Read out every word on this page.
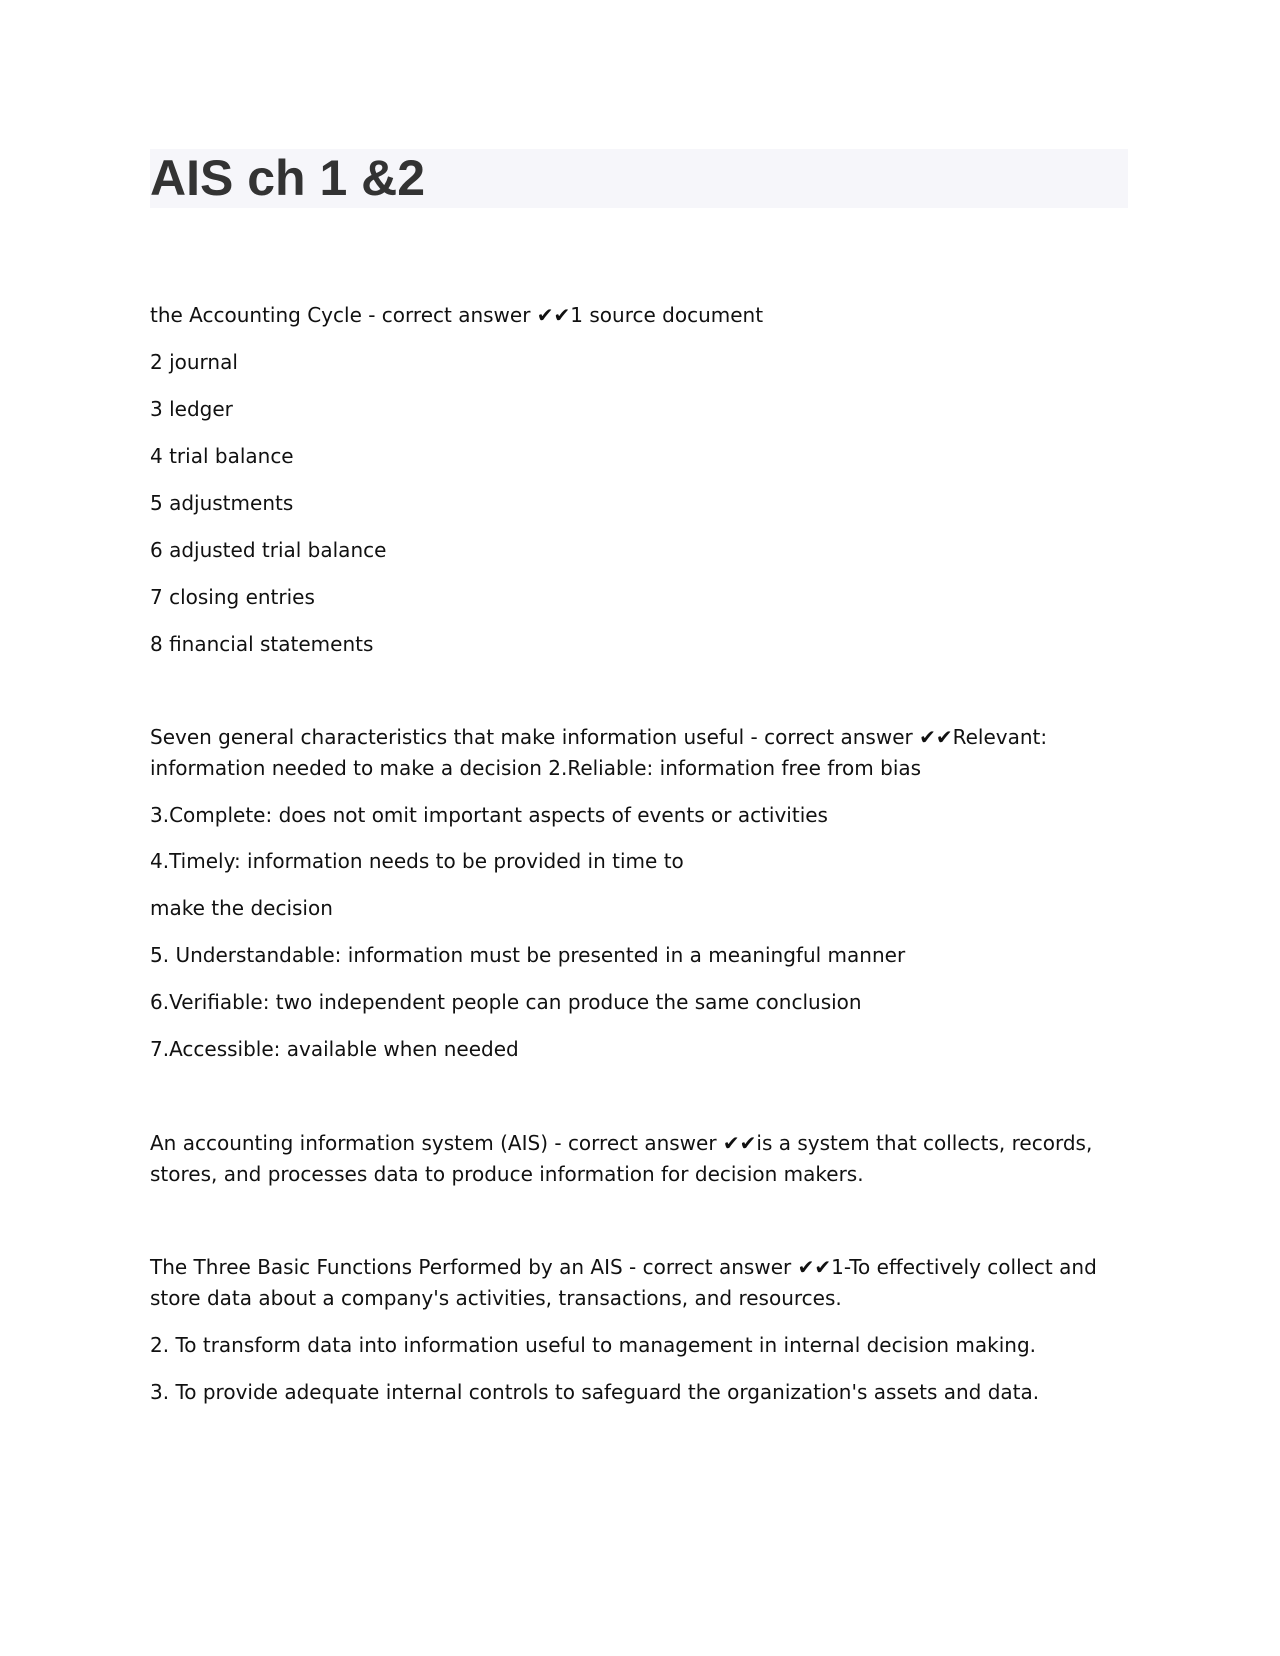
AIS ch 1 &2

the Accounting Cycle - correct answer ✔✔1 source document

2 journal

3 ledger

4 trial balance

5 adjustments

6 adjusted trial balance

7 closing entries

8 financial statements

Seven general characteristics that make information useful - correct answer ✔✔Relevant: information needed to make a decision 2.Reliable: information free from bias

3.Complete: does not omit important aspects of events or activities

4.Timely: information needs to be provided in time to

make the decision

5. Understandable: information must be presented in a meaningful manner

6.Verifiable: two independent people can produce the same conclusion

7.Accessible: available when needed

An accounting information system (AIS) - correct answer ✔✔is a system that collects, records, stores, and processes data to produce information for decision makers.

The Three Basic Functions Performed by an AIS - correct answer ✔✔1-To effectively collect and store data about a company's activities, transactions, and resources.

2. To transform data into information useful to management in internal decision making.

3. To provide adequate internal controls to safeguard the organization's assets and data.
